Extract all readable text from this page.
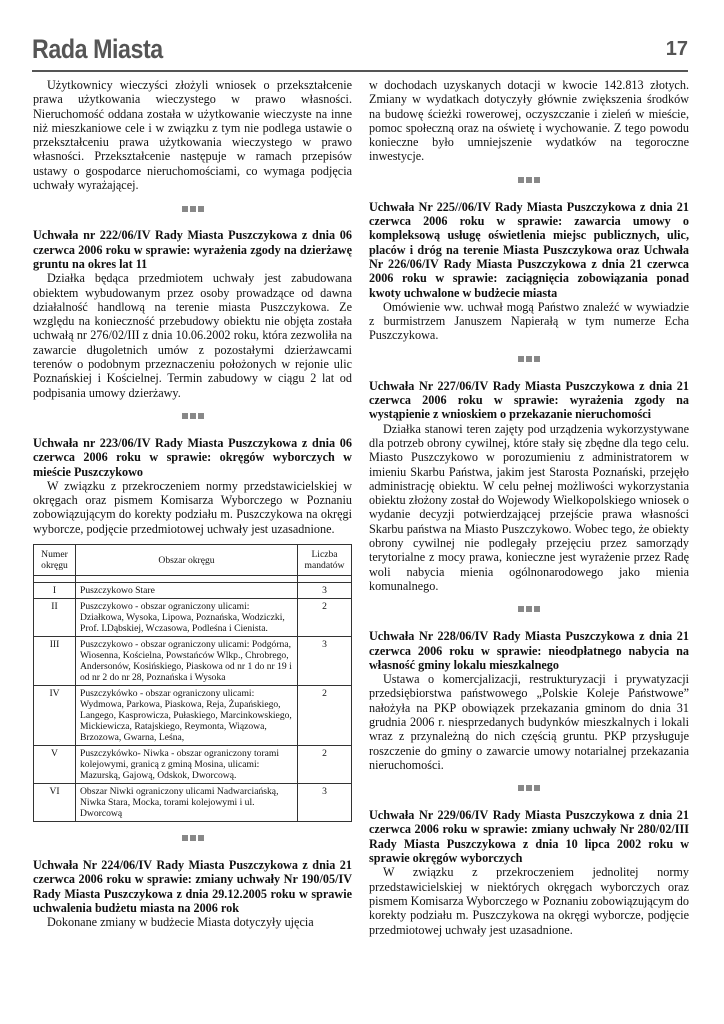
Rada Miasta	17

Użytkownicy wieczyści złożyli wniosek o przekształcenie prawa użytkowania wieczystego w prawo własności. Nieruchomość oddana została w użytkowanie wieczyste na inne niż mieszkaniowe cele i w związku z tym nie podlega ustawie o przekształceniu prawa użytkowania wieczystego w prawo własności. Przekształcenie następuje w ramach przepisów ustawy o gospodarce nieruchomościami, co wymaga podjęcia uchwały wyrażającej.

Uchwała nr 222/06/IV Rady Miasta Puszczykowa z dnia 06 czerwca 2006 roku w sprawie: wyrażenia zgody na dzierżawę gruntu na okres lat 11

Działka będąca przedmiotem uchwały jest zabudowana obiektem wybudowanym przez osoby prowadzące od dawna działalność handlową na terenie miasta Puszczykowa. Ze względu na konieczność przebudowy obiektu nie objęta została uchwałą nr 276/02/III z dnia 10.06.2002 roku, która zezwoliła na zawarcie długoletnich umów z pozostałymi dzierżawcami terenów o podobnym przeznaczeniu położonych w rejonie ulic Poznańskiej i Kościelnej. Termin zabudowy w ciągu 2 lat od podpisania umowy dzierżawy.

Uchwała nr 223/06/IV Rady Miasta Puszczykowa z dnia 06 czerwca 2006 roku w sprawie: okręgów wyborczych w mieście Puszczykowo

W związku z przekroczeniem normy przedstawicielskiej w okręgach oraz pismem Komisarza Wyborczego w Poznaniu zobowiązującym do korekty podziału m. Puszczykowa na okręgi wyborcze, podjęcie przedmiotowej uchwały jest uzasadnione.

Numer okręgu	Obszar okręgu	Liczba mandatów

I	Puszczykowo Stare	3
II	Puszczykowo - obszar ograniczony ulicami: Działkowa, Wysoka, Lipowa, Poznańska, Wodziczki, Prof. I.Dąbskiej, Wczasowa, Podleśna i Cienista.	2
III	Puszczykowo - obszar ograniczony ulicami: Podgórna, Wiosenna, Kościelna, Powstańców Wlkp., Chrobrego, Andersonów, Kosińskiego, Piaskowa od nr 1 do nr 19 i od nr 2 do nr 28, Poznańska i Wysoka	3
IV	Puszczykówko - obszar ograniczony ulicami: Wydmowa, Parkowa, Piaskowa, Reja, Żupańskiego, Langego, Kasprowicza, Pułaskiego, Marcinkowskiego, Mickiewicza, Ratajskiego, Reymonta, Wiązowa, Brzozowa, Gwarna, Leśna,	2
V	Puszczykówko- Niwka - obszar ograniczony torami kolejowymi, granicą z gminą Mosina, ulicami: Mazurską, Gajową, Odskok, Dworcową.	2
VI	Obszar Niwki ograniczony ulicami Nadwarciańską, Niwka Stara, Mocka, torami kolejowymi i ul. Dworcową	3
Uchwała Nr 224/06/IV Rady Miasta Puszczykowa z dnia 21 czerwca 2006 roku w sprawie: zmiany uchwały Nr 190/05/IV Rady Miasta Puszczykowa z dnia 29.12.2005 roku w sprawie uchwalenia budżetu miasta na 2006 rok

Dokonane zmiany w budżecie Miasta dotyczyły ujęcia

w dochodach uzyskanych dotacji w kwocie 142.813 złotych. Zmiany w wydatkach dotyczyły głównie zwiększenia środków na budowę ścieżki rowerowej, oczyszczanie i zieleń w mieście, pomoc społeczną oraz na oświetę i wychowanie. Z tego powodu konieczne było umniejszenie wydatków na tegoroczne inwestycje.

Uchwała Nr 225//06/IV Rady Miasta Puszczykowa z dnia 21 czerwca 2006 roku w sprawie: zawarcia umowy o kompleksową usługę oświetlenia miejsc publicznych, ulic, placów i dróg na terenie Miasta Puszczykowa oraz Uchwała Nr 226/06/IV Rady Miasta Puszczykowa z dnia 21 czerwca 2006 roku w sprawie: zaciągnięcia zobowiązania ponad kwoty uchwalone w budżecie miasta

Omówienie ww. uchwał mogą Państwo znaleźć w wywiadzie z burmistrzem Januszem Napierałą w tym numerze Echa Puszczykowa.

Uchwała Nr 227/06/IV Rady Miasta Puszczykowa z dnia 21 czerwca 2006 roku w sprawie: wyrażenia zgody na wystąpienie z wnioskiem o przekazanie nieruchomości

Działka stanowi teren zajęty pod urządzenia wykorzystywane dla potrzeb obrony cywilnej, które stały się zbędne dla tego celu. Miasto Puszczykowo w porozumieniu z administratorem w imieniu Skarbu Państwa, jakim jest Starosta Poznański, przejęło administrację obiektu. W celu pełnej możliwości wykorzystania obiektu złożony został do Wojewody Wielkopolskiego wniosek o wydanie decyzji potwierdzającej przejście prawa własności Skarbu państwa na Miasto Puszczykowo. Wobec tego, że obiekty obrony cywilnej nie podlegały przejęciu przez samorządy terytorialne z mocy prawa, konieczne jest wyrażenie przez Radę woli nabycia mienia ogólnonarodowego jako mienia komunalnego.

Uchwała Nr 228/06/IV Rady Miasta Puszczykowa z dnia 21 czerwca 2006 roku w sprawie: nieodpłatnego nabycia na własność gminy lokalu mieszkalnego

Ustawa o komercjalizacji, restrukturyzacji i prywatyzacji przedsiębiorstwa państwowego „Polskie Koleje Państwowe” nałożyła na PKP obowiązek przekazania gminom do dnia 31 grudnia 2006 r. niesprzedanych budynków mieszkalnych i lokali wraz z przynależną do nich częścią gruntu. PKP przysługuje roszczenie do gminy o zawarcie umowy notarialnej przekazania nieruchomości.

Uchwała Nr 229/06/IV Rady Miasta Puszczykowa z dnia 21 czerwca 2006 roku w sprawie: zmiany uchwały Nr 280/02/III Rady Miasta Puszczykowa z dnia 10 lipca 2002 roku w sprawie okręgów wyborczych

W związku z przekroczeniem jednolitej normy przedstawicielskiej w niektórych okręgach wyborczych oraz pismem Komisarza Wyborczego w Poznaniu zobowiązującym do korekty podziału m. Puszczykowa na okręgi wyborcze, podjęcie przedmiotowej uchwały jest uzasadnione.
